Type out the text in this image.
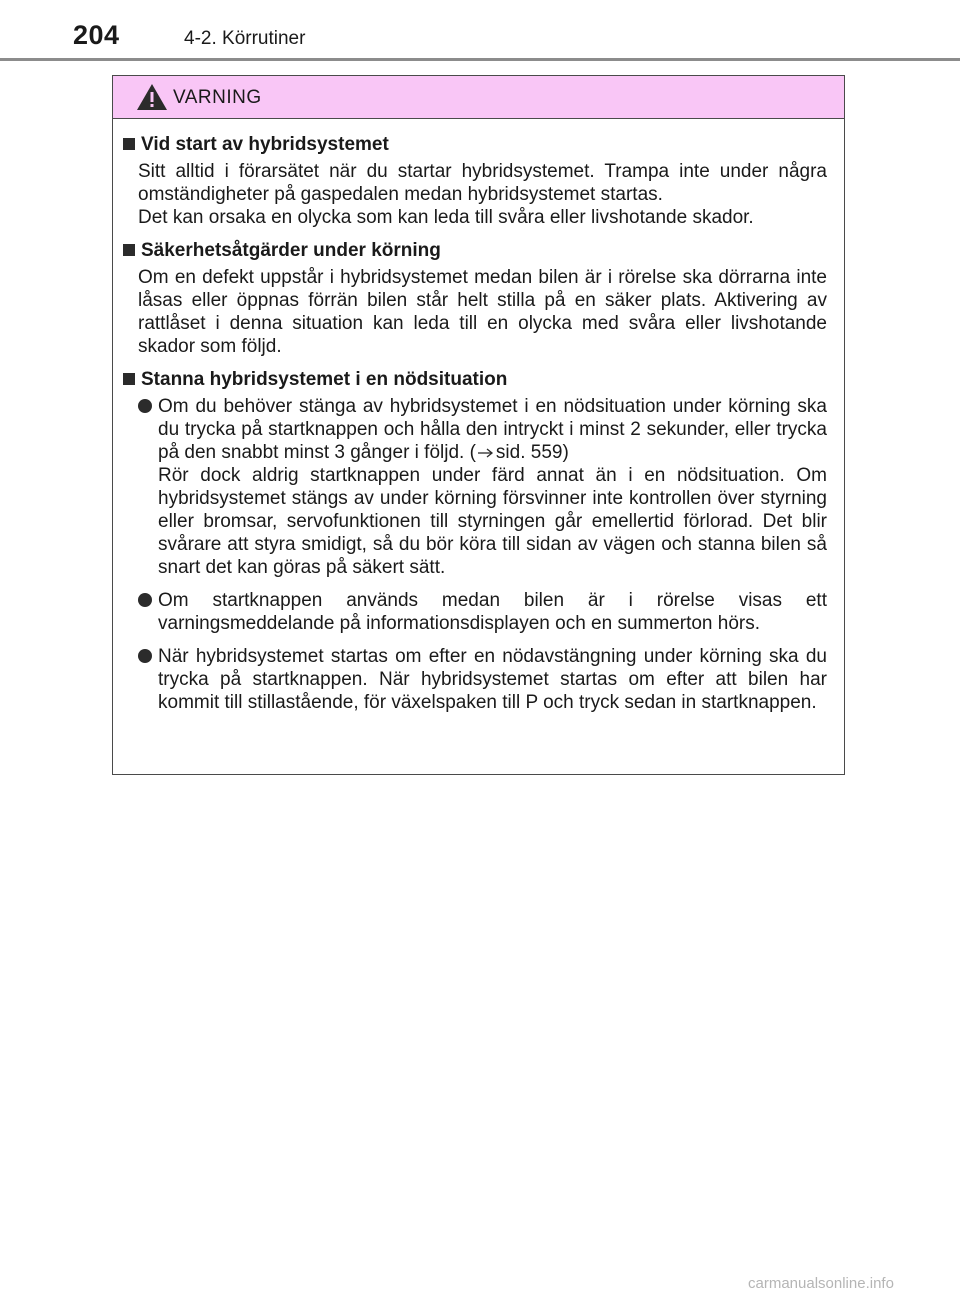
204	4-2. Körrutiner
VARNING
Vid start av hybridsystemet

Sitt alltid i förarsätet när du startar hybridsystemet. Trampa inte under några omständigheter på gaspedalen medan hybridsystemet startas.

Det kan orsaka en olycka som kan leda till svåra eller livshotande skador.

Säkerhetsåtgärder under körning

Om en defekt uppstår i hybridsystemet medan bilen är i rörelse ska dörrarna inte låsas eller öppnas förrän bilen står helt stilla på en säker plats. Aktivering av rattlåset i denna situation kan leda till en olycka med svåra eller livshotande skador som följd.

Stanna hybridsystemet i en nödsituation

Om du behöver stänga av hybridsystemet i en nödsituation under körning ska du trycka på startknappen och hålla den intryckt i minst 2 sekunder, eller trycka på den snabbt minst 3 gånger i följd. ( sid. 559)

Rör dock aldrig startknappen under färd annat än i en nödsituation. Om hybridsystemet stängs av under körning försvinner inte kontrollen över styrning eller bromsar, servofunktionen till styrningen går emellertid förlorad. Det blir svårare att styra smidigt, så du bör köra till sidan av vägen och stanna bilen så snart det kan göras på säkert sätt.

Om startknappen används medan bilen är i rörelse visas ett varningsmeddelande på informationsdisplayen och en summerton hörs.

När hybridsystemet startas om efter en nödavstängning under körning ska du trycka på startknappen. När hybridsystemet startas om efter att bilen har kommit till stillastående, för växelspaken till P och tryck sedan in startknappen.

carmanualsonline.info
